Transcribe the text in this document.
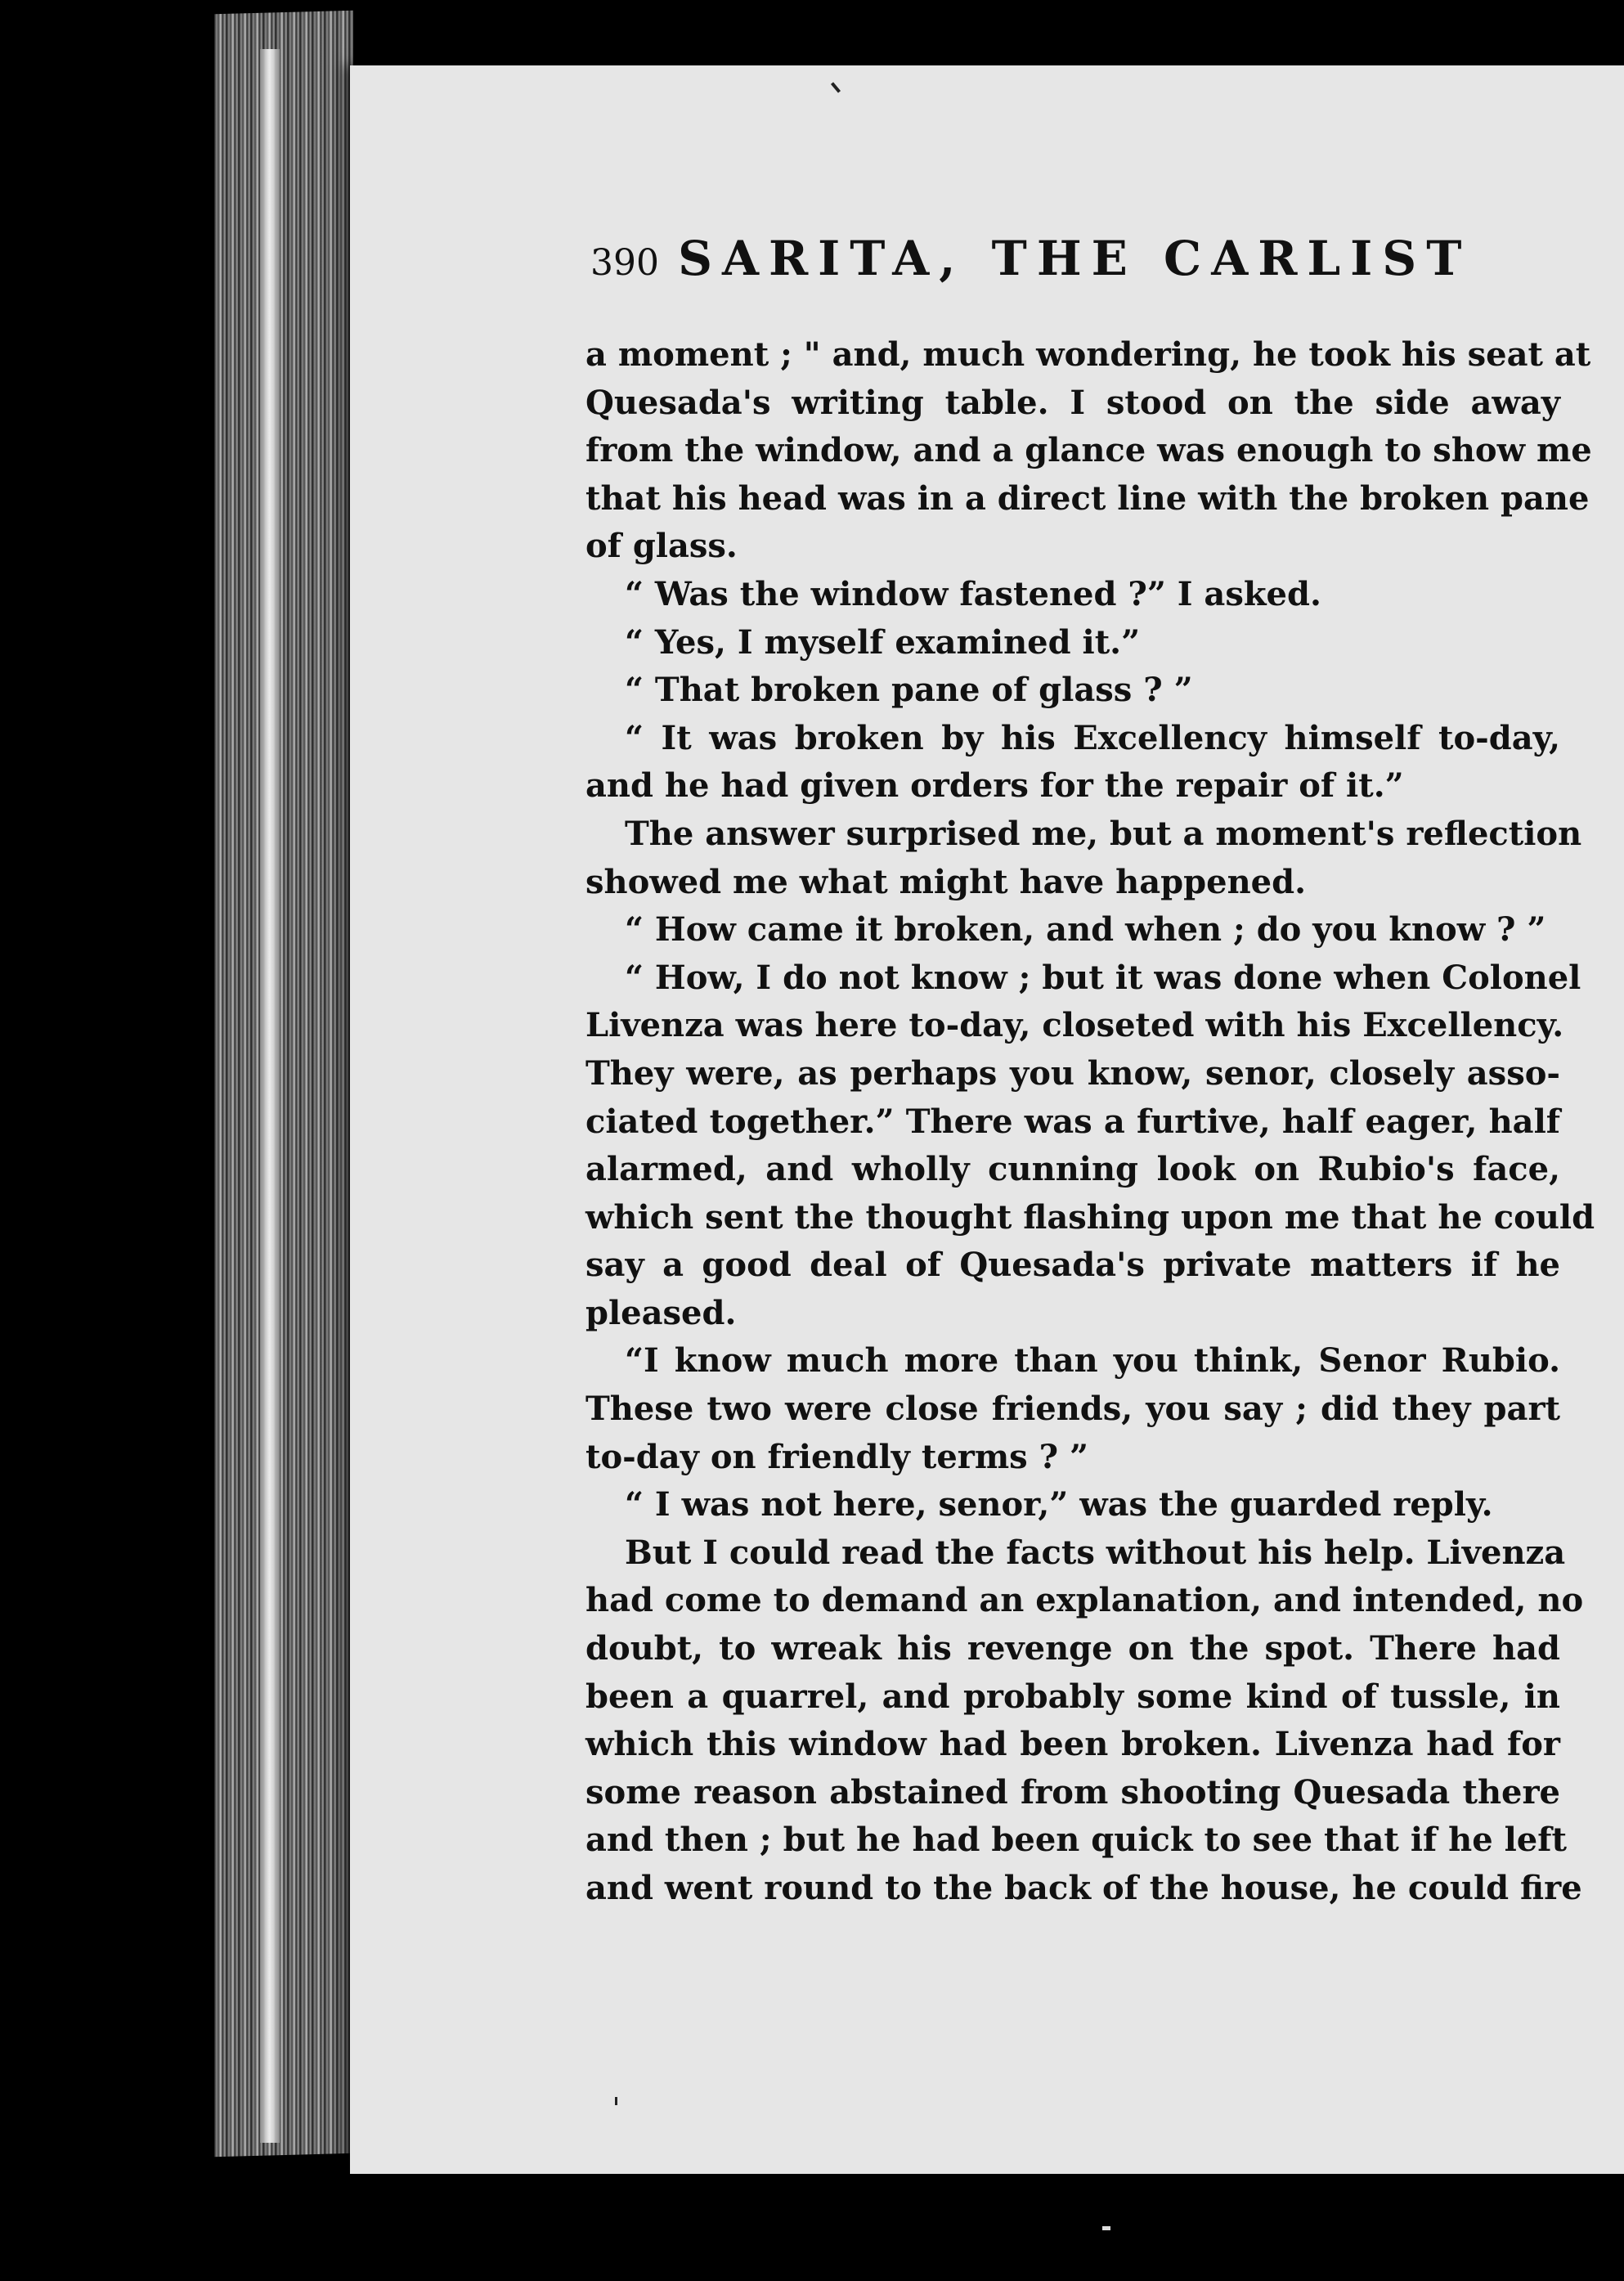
390 SARITA, THE CARLIST
a moment ; " and, much wondering, he took his seat at
Quesada's writing table. I stood on the side away
from the window, and a glance was enough to show me
that his head was in a direct line with the broken pane
of glass.
“ Was the window fastened ?” I asked.
“ Yes, I myself examined it.”
“ That broken pane of glass ? ”
“ It was broken by his Excellency himself to-day,
and he had given orders for the repair of it.”
The answer surprised me, but a moment's reflection
showed me what might have happened.
“ How came it broken, and when ; do you know ? ”
“ How, I do not know ; but it was done when Colonel
Livenza was here to-day, closeted with his Excellency.
They were, as perhaps you know, senor, closely asso-
ciated together.” There was a furtive, half eager, half
alarmed, and wholly cunning look on Rubio's face,
which sent the thought flashing upon me that he could
say a good deal of Quesada's private matters if he
pleased.
“I know much more than you think, Senor Rubio.
These two were close friends, you say ; did they part
to-day on friendly terms ? ”
“ I was not here, senor,” was the guarded reply.
But I could read the facts without his help. Livenza
had come to demand an explanation, and intended, no
doubt, to wreak his revenge on the spot. There had
been a quarrel, and probably some kind of tussle, in
which this window had been broken. Livenza had for
some reason abstained from shooting Quesada there
and then ; but he had been quick to see that if he left
and went round to the back of the house, he could fire
